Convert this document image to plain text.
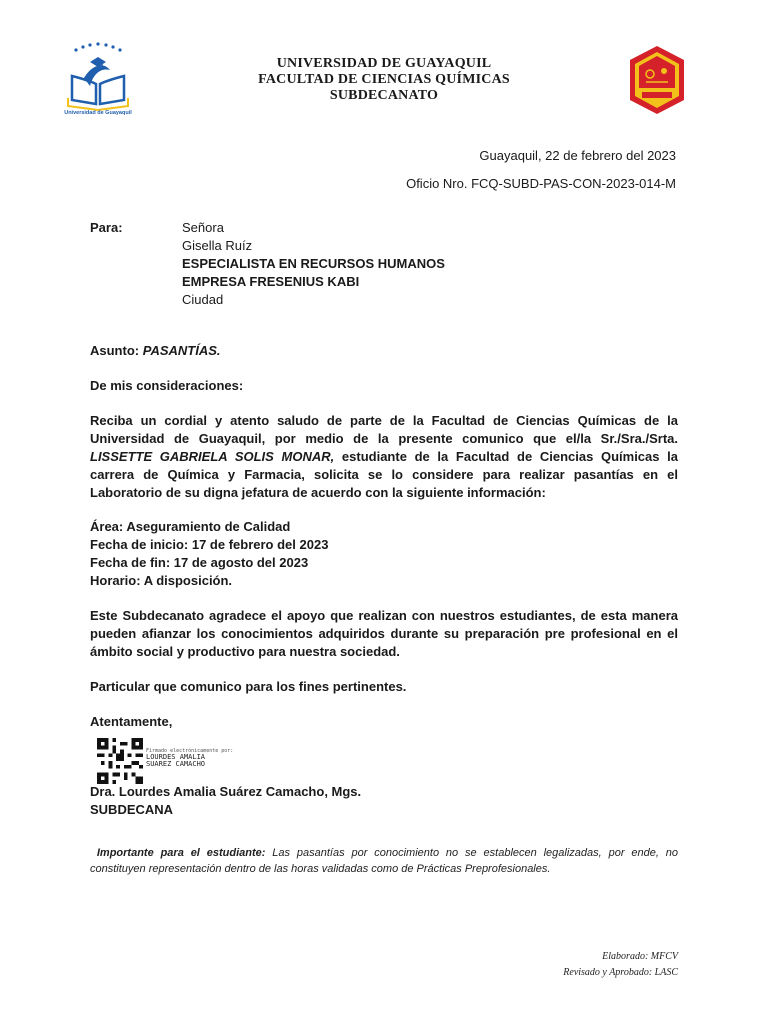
Universidad de Guayaquil
UNIVERSIDAD DE GUAYAQUIL
FACULTAD DE CIENCIAS QUÍMICAS
SUBDECANATO
Guayaquil, 22 de febrero del 2023
Oficio Nro. FCQ-SUBD-PAS-CON-2023-014-M
Para:	Señora
Gisella Ruíz
ESPECIALISTA EN RECURSOS HUMANOS
EMPRESA FRESENIUS KABI
Ciudad
Asunto: PASANTÍAS.
De mis consideraciones:
Reciba un cordial y atento saludo de parte de la Facultad de Ciencias Químicas de la Universidad de Guayaquil, por medio de la presente comunico que el/la Sr./Sra./Srta. LISSETTE GABRIELA SOLIS MONAR, estudiante de la Facultad de Ciencias Químicas la carrera de Química y Farmacia, solicita se lo considere para realizar pasantías en el Laboratorio de su digna jefatura de acuerdo con la siguiente información:
Área: Aseguramiento de Calidad
Fecha de inicio: 17 de febrero del 2023
Fecha de fin: 17 de agosto del 2023
Horario: A disposición.
Este Subdecanato agradece el apoyo que realizan con nuestros estudiantes, de esta manera pueden afianzar los conocimientos adquiridos durante su preparación pre profesional en el ámbito social y productivo para nuestra sociedad.
Particular que comunico para los fines pertinentes.
Atentamente,
Firmado electrónicamente por:
LOURDES AMALIA
SUAREZ CAMACHO
Dra. Lourdes Amalia Suárez Camacho, Mgs.
SUBDECANA
Importante para el estudiante: Las pasantías por conocimiento no se establecen legalizadas, por ende, no constituyen representación dentro de las horas validadas como de Prácticas Preprofesionales.
Elaborado: MFCV
Revisado y Aprobado: LASC
